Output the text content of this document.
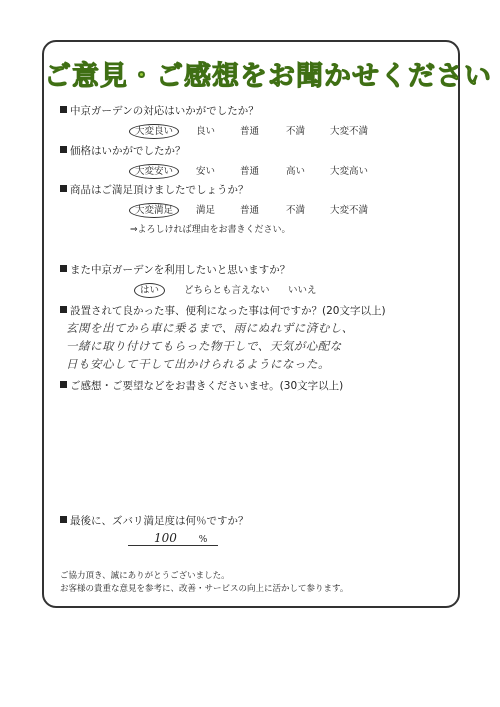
ご意見・ご感想をお聞かせください
中京ガーデンの対応はいかがでしたか？
大変良い	良い	普通	不満	大変不満
価格はいかがでしたか？
大変安い	安い	普通	高い	大変高い
商品はご満足頂けましたでしょうか？
大変満足	満足	普通	不満	大変不満
⇒よろしければ理由をお書きください。
また中京ガーデンを利用したいと思いますか？
はい	どちらとも言えない いいえ
設置されて良かった事、便利になった事は何ですか？(20文字以上)
玄関を出てから車に乗るまで、雨にぬれずに済むし、
一緒に取り付けてもらった物干しで、天気が心配な
日も安心して干して出かけられるようになった。
ご感想・ご要望などをお書きくださいませ。(30文字以上)
最後に、ズバリ満足度は何％ですか？
100 %
ご協力頂き、誠にありがとうございました。
お客様の貴重な意見を参考に、改善・サービスの向上に活かして参ります。
